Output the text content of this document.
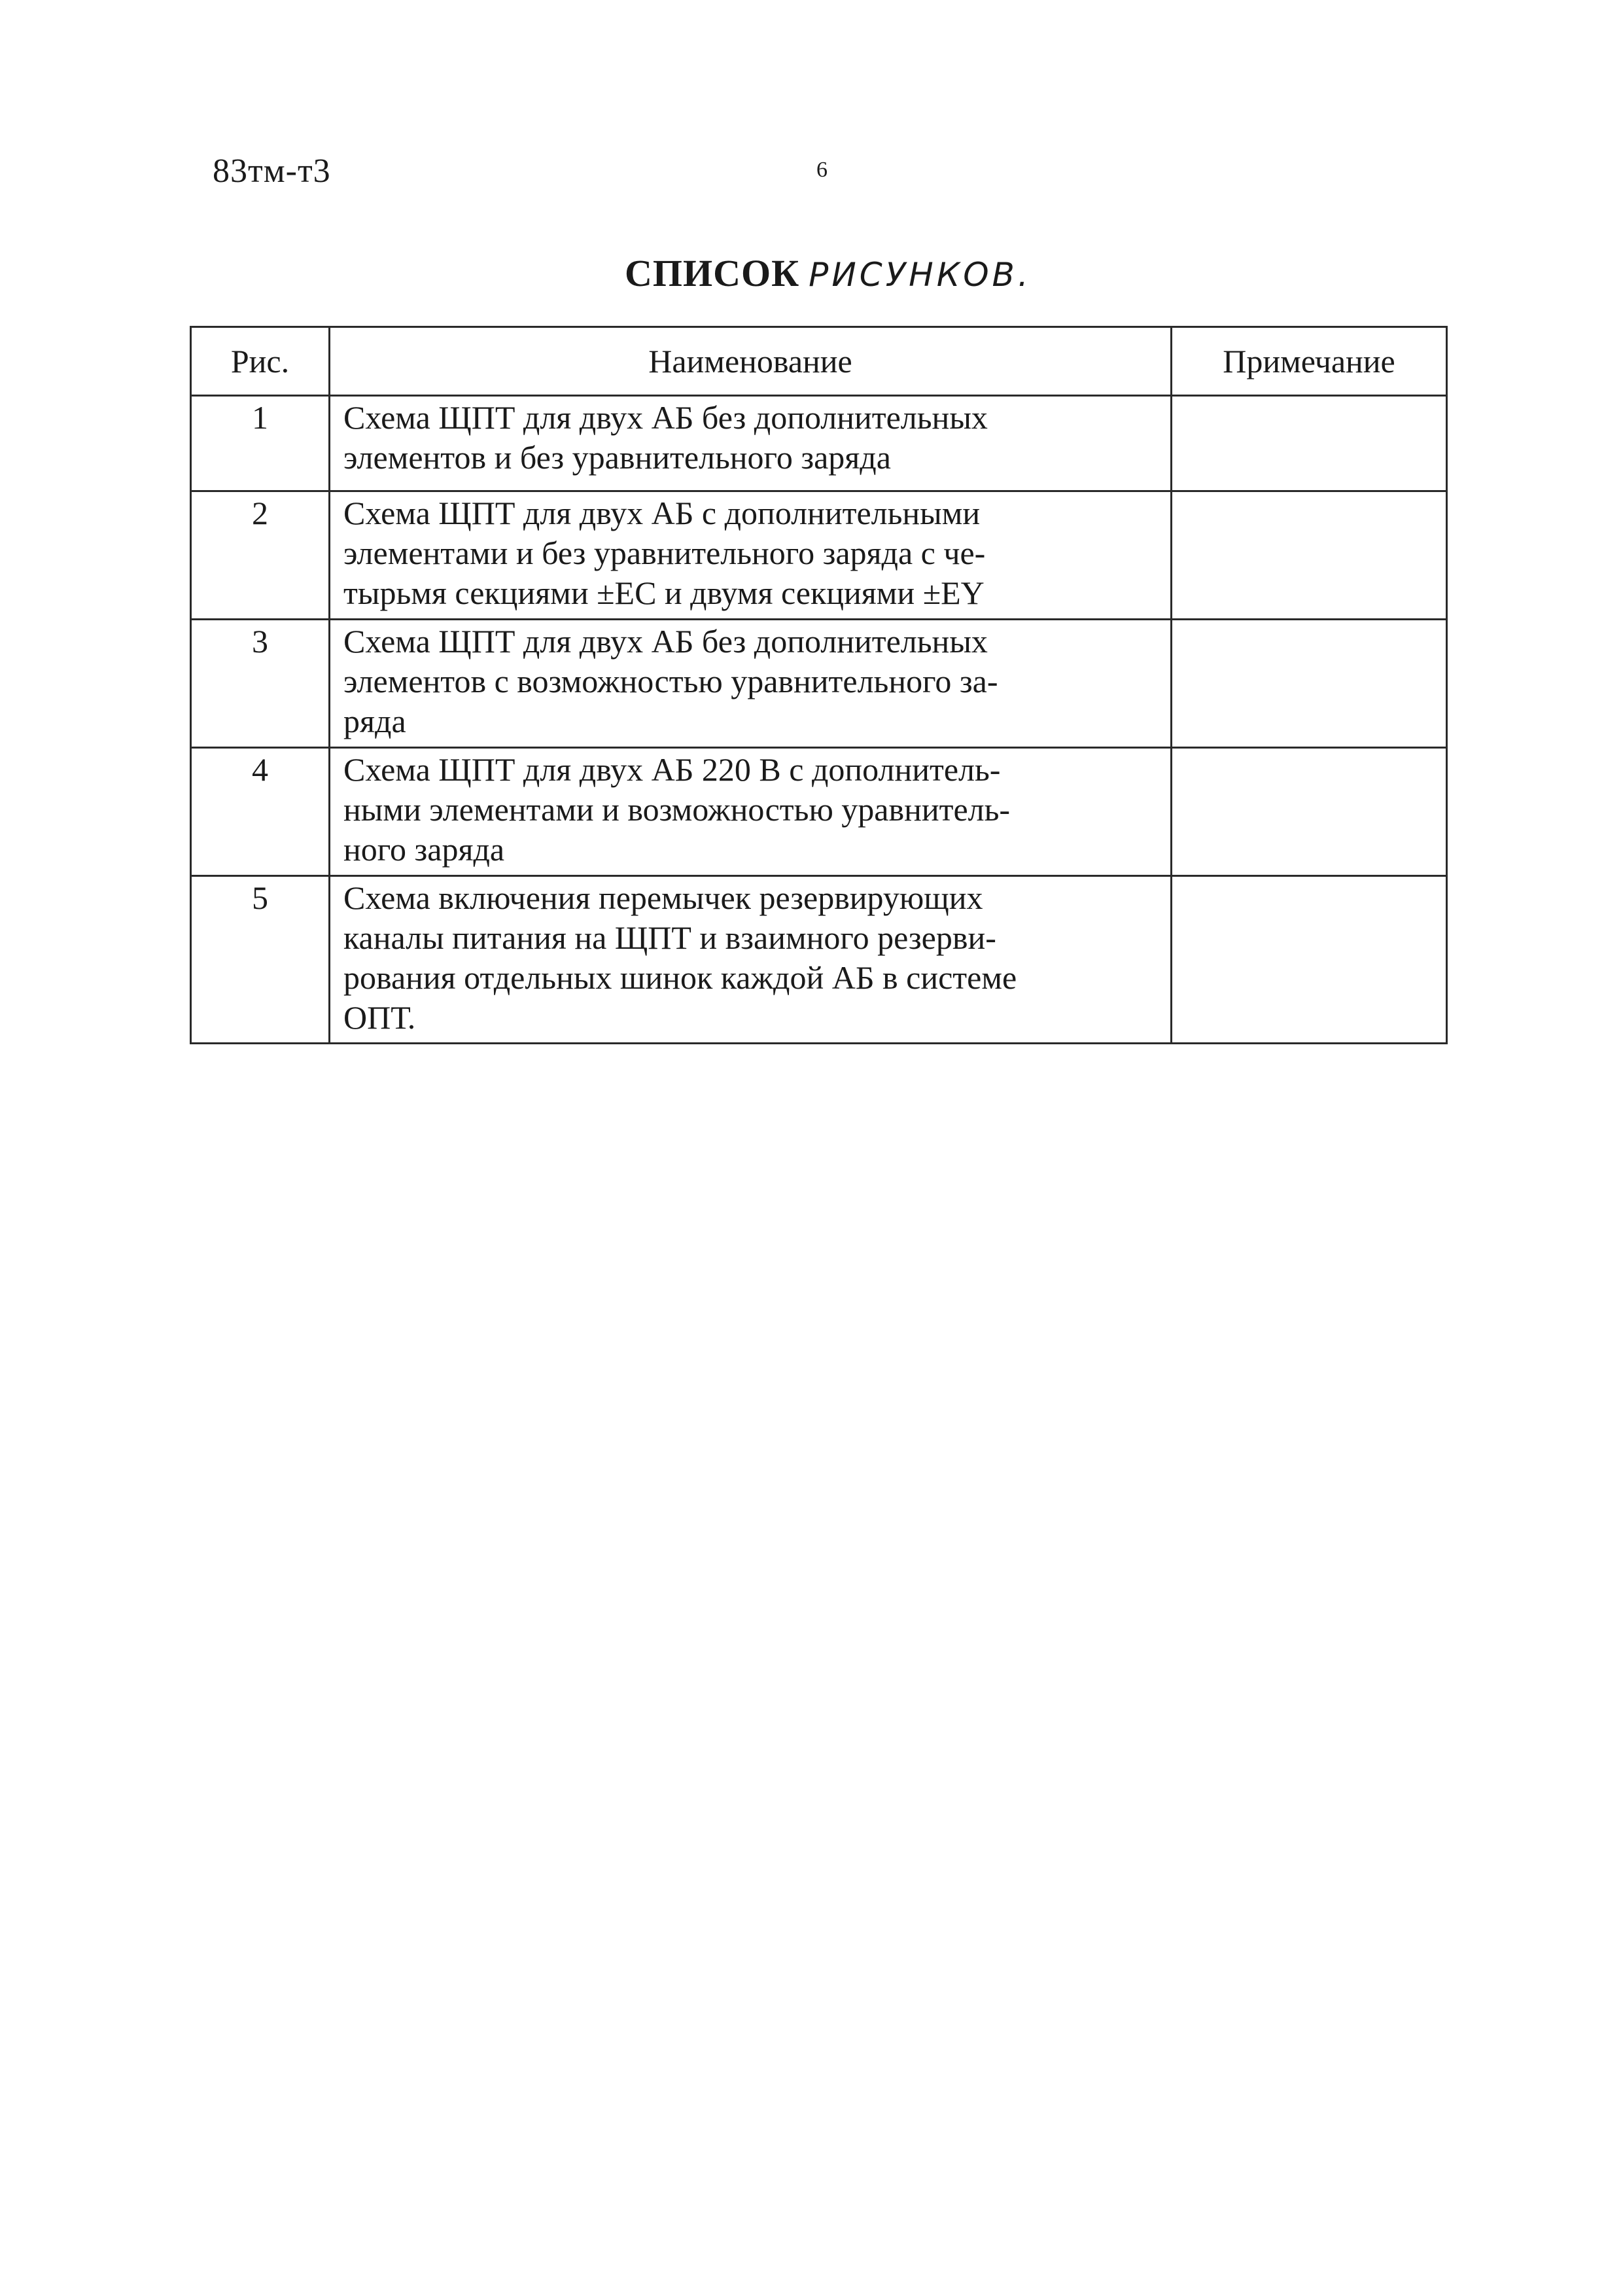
83тм-т3	6
СПИСОК РИСУНКОВ.
Рис.	Наименование	Примечание
1	Схема ЩПТ для двух АБ без дополнительных
элементов и без уравнительного заряда	

2	Схема ЩПТ для двух АБ с дополнительными
элементами и без уравнительного заряда с че-
тырьмя секциями ±ЕС и двумя секциями ±ЕY	

3	Схема ЩПТ для двух АБ без дополнительных
элементов с возможностью уравнительного за-
ряда	

4	Схема ЩПТ для двух АБ 220 В с дополнитель-
ными элементами и возможностью уравнитель-
ного заряда	

5	Схема включения перемычек резервирующих
каналы питания на ЩПТ и взаимного резерви-
рования отдельных шинок каждой АБ в системе
ОПТ.	
